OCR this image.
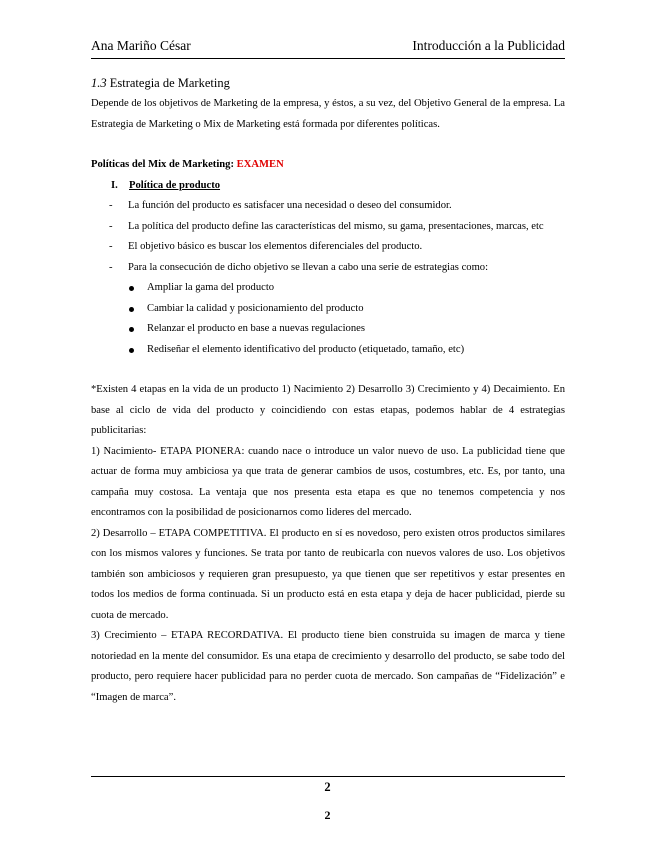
Ana Mariño César	Introducción a la Publicidad
1.3 Estrategia de Marketing

Depende de los objetivos de Marketing de la empresa, y éstos, a su vez, del Objetivo General de la empresa. La Estrategia de Marketing o Mix de Marketing está formada por diferentes políticas.

Políticas del Mix de Marketing: EXAMEN
I. Política de producto
- La función del producto es satisfacer una necesidad o deseo del consumidor.
- La política del producto define las características del mismo, su gama, presentaciones, marcas, etc
- El objetivo básico es buscar los elementos diferenciales del producto.
- Para la consecución de dicho objetivo se llevan a cabo una serie de estrategias como:
Ampliar la gama del producto
Cambiar la calidad y posicionamiento del producto
Relanzar el producto en base a nuevas regulaciones
Rediseñar el elemento identificativo del producto (etiquetado, tamaño, etc)

*Existen 4 etapas en la vida de un producto 1) Nacimiento 2) Desarrollo 3) Crecimiento y 4) Decaimiento. En base al ciclo de vida del producto y coincidiendo con estas etapas, podemos hablar de 4 estrategias publicitarias:

1) Nacimiento- ETAPA PIONERA: cuando nace o introduce un valor nuevo de uso. La publicidad tiene que actuar de forma muy ambiciosa ya que trata de generar cambios de usos, costumbres, etc. Es, por tanto, una campaña muy costosa. La ventaja que nos presenta esta etapa es que no tenemos competencia y nos encontramos con la posibilidad de posicionarnos como lideres del mercado.

2) Desarrollo – ETAPA COMPETITIVA. El producto en sí es novedoso, pero existen otros productos similares con los mismos valores y funciones. Se trata por tanto de reubicarla con nuevos valores de uso. Los objetivos también son ambiciosos y requieren gran presupuesto, ya que tienen que ser repetitivos y estar presentes en todos los medios de forma continuada. Si un producto está en esta etapa y deja de hacer publicidad, pierde su cuota de mercado.

3) Crecimiento – ETAPA RECORDATIVA. El producto tiene bien construida su imagen de marca y tiene notoriedad en la mente del consumidor. Es una etapa de crecimiento y desarrollo del producto, se sabe todo del producto, pero requiere hacer publicidad para no perder cuota de mercado. Son campañas de “Fidelización” e “Imagen de marca”.

2
2
